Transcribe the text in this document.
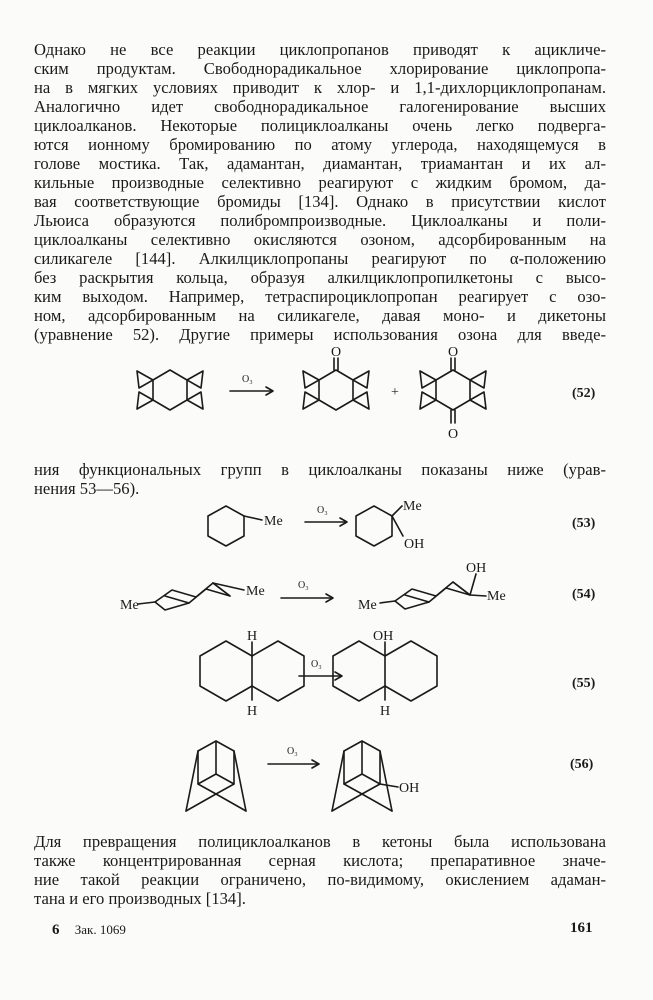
Однако не все реакции циклопропанов приводят к ацикличе-
ским продуктам. Свободнорадикальное хлорирование циклопропа-
на в мягких условиях приводит к хлор- и 1,1-дихлорциклопропанам.
Аналогично идет свободнорадикальное галогенирование высших
циклоалканов. Некоторые полициклоалканы очень легко подверга-
ются ионному бромированию по атому углерода, находящемуся в
голове мостика. Так, адамантан, диамантан, триамантан и их ал-
кильные производные селективно реагируют с жидким бромом, да-
вая соответствующие бромиды [134]. Однако в присутствии кислот
Льюиса образуются полибромпроизводные. Циклоалканы и поли-
циклоалканы селективно окисляются озоном, адсорбированным на
силикагеле [144]. Алкилциклопропаны реагируют по α-положению
без раскрытия кольца, образуя алкилциклопропилкетоны с высо-
ким выходом. Например, тетраспироциклопропан реагирует с озо-
ном, адсорбированным на силикагеле, давая моно- и дикетоны
(уравнение 52). Другие примеры использования озона для введе-
O₃
O
+
O
O
(52)
ния функциональных групп в циклоалканы показаны ниже (урав-
нения 53—56).
Me
O₃	Me
OH
(53)
Me
Me	O₃
OH
Me
Me
(54)
H
H
O₃
OH
H
(55)
O₃
OH
(56)
Для превращения полициклоалканов в кетоны была использована
также концентрированная серная кислота; препаративное значе-
ние такой реакции ограничено, по-видимому, окислением адаман-
тана и его производных [134].
6 Зак. 1069	161
